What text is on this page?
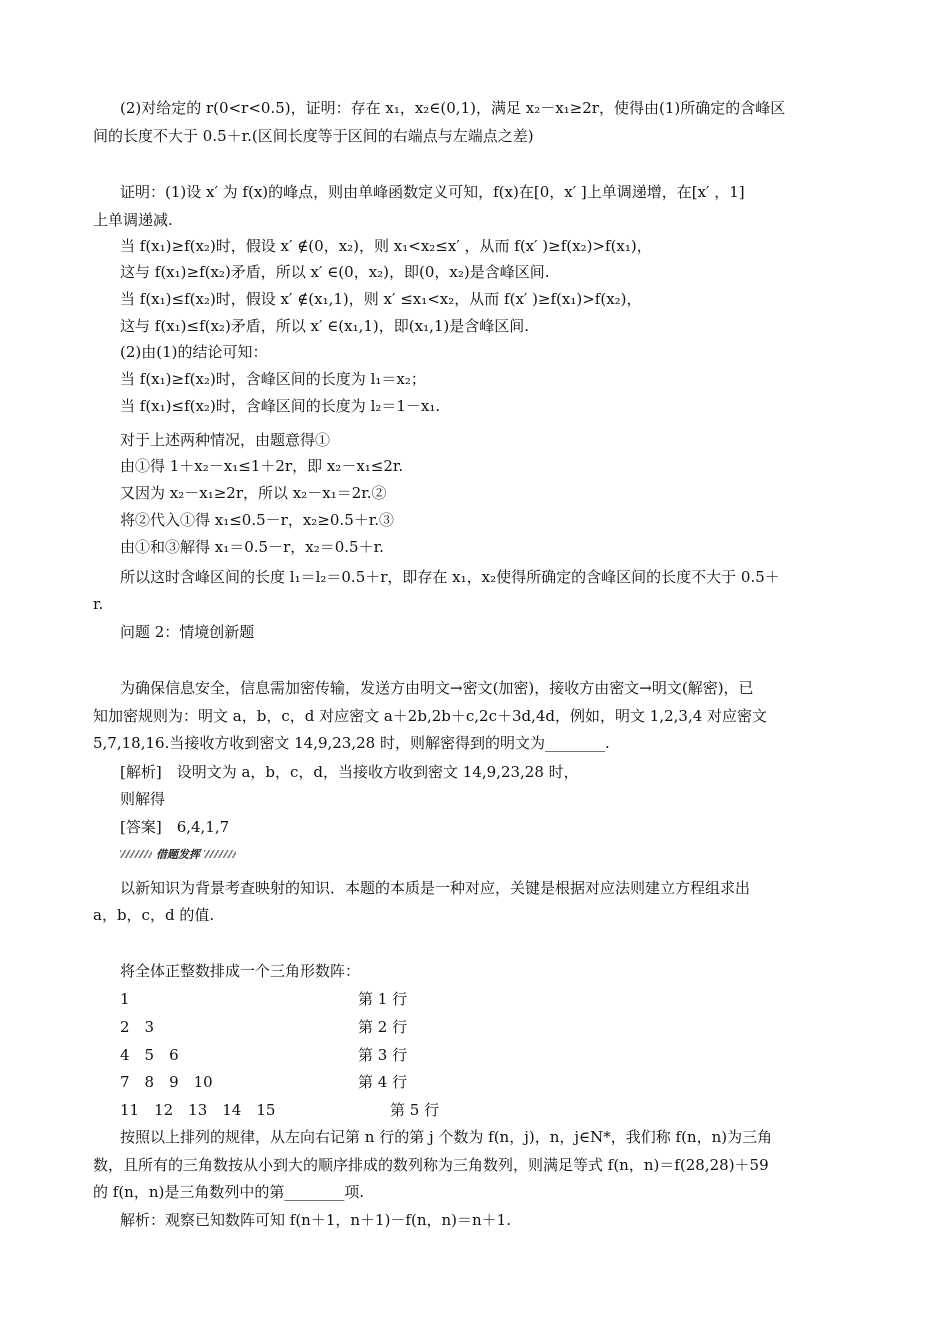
(2)对给定的 r(0<r<0.5)，证明：存在 x₁，x₂∈(0,1)，满足 x₂－x₁≥2r，使得由(1)所确定的含峰区
间的长度不大于 0.5＋r.(区间长度等于区间的右端点与左端点之差)
证明：(1)设 x′ 为 f(x)的峰点，则由单峰函数定义可知，f(x)在[0，x′ ]上单调递增，在[x′ ，1]
上单调递减.
当 f(x₁)≥f(x₂)时，假设 x′ ∉(0，x₂)，则 x₁<x₂≤x′ ，从而 f(x′ )≥f(x₂)>f(x₁)，
这与 f(x₁)≥f(x₂)矛盾，所以 x′ ∈(0，x₂)，即(0，x₂)是含峰区间.
当 f(x₁)≤f(x₂)时，假设 x′ ∉(x₁,1)，则 x′ ≤x₁<x₂，从而 f(x′ )≥f(x₁)>f(x₂)，
这与 f(x₁)≤f(x₂)矛盾，所以 x′ ∈(x₁,1)，即(x₁,1)是含峰区间.
(2)由(1)的结论可知：
当 f(x₁)≥f(x₂)时，含峰区间的长度为 l₁＝x₂；
当 f(x₁)≤f(x₂)时，含峰区间的长度为 l₂＝1－x₁.
对于上述两种情况，由题意得①
由①得 1＋x₂－x₁≤1＋2r，即 x₂－x₁≤2r.
又因为 x₂－x₁≥2r，所以 x₂－x₁＝2r.②
将②代入①得 x₁≤0.5－r，x₂≥0.5＋r.③
由①和③解得 x₁＝0.5－r，x₂＝0.5＋r.
所以这时含峰区间的长度 l₁＝l₂＝0.5＋r，即存在 x₁，x₂使得所确定的含峰区间的长度不大于 0.5＋
r.
问题 2：情境创新题
为确保信息安全，信息需加密传输，发送方由明文→密文(加密)，接收方由密文→明文(解密)，已
知加密规则为：明文 a，b，c，d 对应密文 a＋2b,2b＋c,2c＋3d,4d，例如，明文 1,2,3,4 对应密文
5,7,18,16.当接收方收到密文 14,9,23,28 时，则解密得到的明文为________.
[解析]　设明文为 a，b，c，d，当接收方收到密文 14,9,23,28 时，
则解得
[答案]　6,4,1,7
借题发挥
以新知识为背景考查映射的知识．本题的本质是一种对应，关键是根据对应法则建立方程组求出
a，b，c，d 的值.
将全体正整数排成一个三角形数阵：
1	第 1 行
2　3	第 2 行
4　5　6	第 3 行
7　8　9　10	第 4 行
11　12　13　14　15	第 5 行
按照以上排列的规律，从左向右记第 n 行的第 j 个数为 f(n，j)，n，j∈N*，我们称 f(n，n)为三角
数，且所有的三角数按从小到大的顺序排成的数列称为三角数列，则满足等式 f(n，n)＝f(28,28)＋59
的 f(n，n)是三角数列中的第________项.
解析：观察已知数阵可知 f(n＋1，n＋1)－f(n，n)＝n＋1.
